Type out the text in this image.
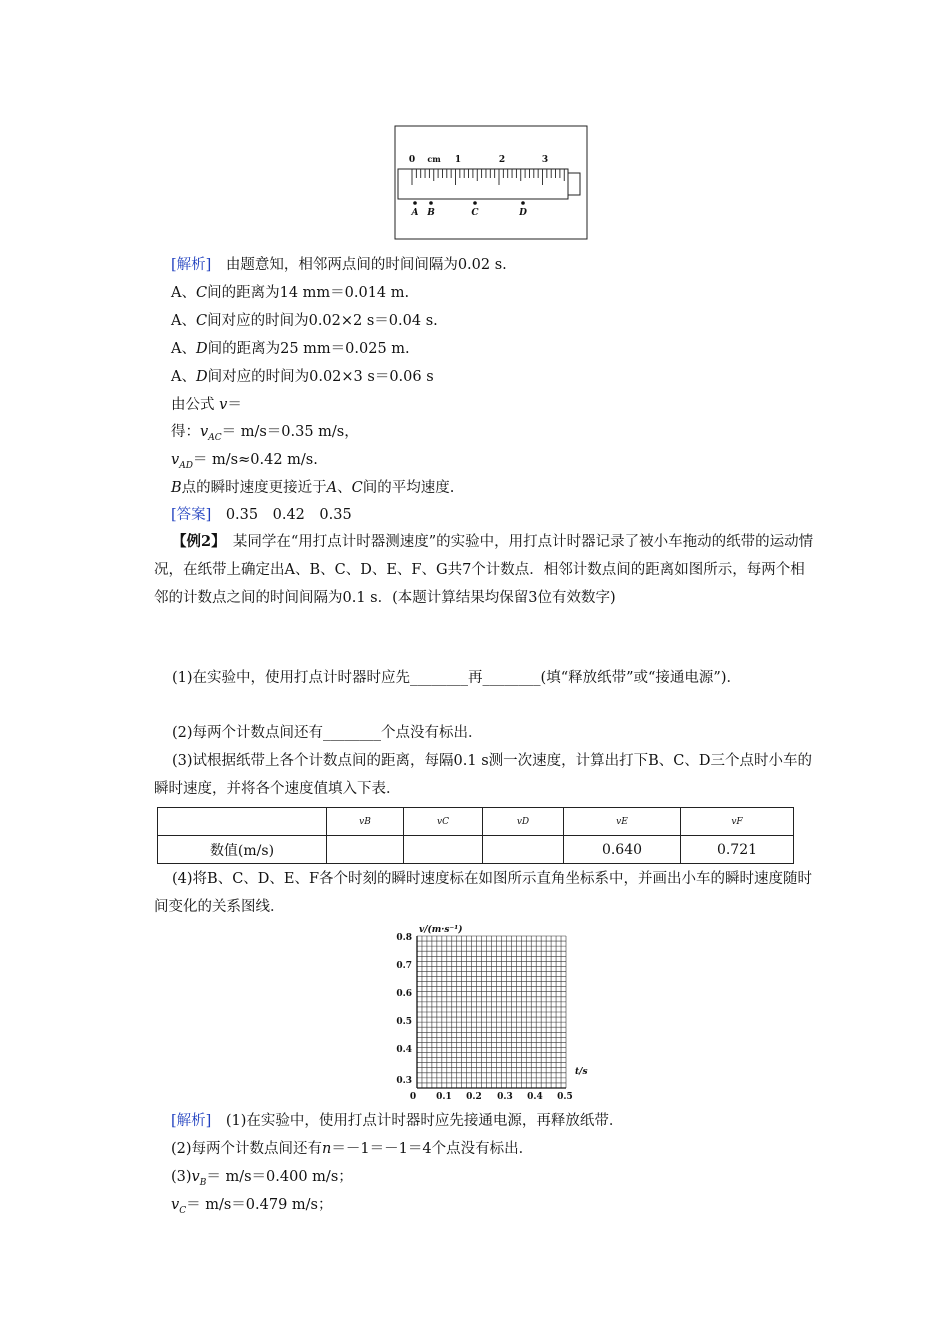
0 cm 1	2	3
A B	C	D
[解析]　 由题意知，相邻两点间的时间间隔为0.02 s.
A、C间的距离为14 mm＝0.014 m.
A、C间对应的时间为0.02×2 s＝0.04 s.
A、D间的距离为25 mm＝0.025 m.
A、D间对应的时间为0.02×3 s＝0.06 s
由公式 v＝
得：$v_{AC}= m/s=0.35$ m/s，
$v_{AD}= m/s\approx 0.42$ m/s.
B点的瞬时速度更接近于A、C间的平均速度.
[答案]　 0.35　0.42　0.35
【例2】　 某同学在“用打点计时器测速度”的实验中，用打点计时器记录了被小车拖动的纸带的运动情况，在纸带上确定出A、B、C、D、E、F、G共7个计数点．相邻计数点间的距离如图所示，每两个相邻的计数点之间的时间间隔为0.1 s．(本题计算结果均保留3位有效数字)
(1)在实验中，使用打点计时器时应先________再________(填“释放纸带”或“接通电源”)．
(2)每两个计数点间还有________个点没有标出．
(3)试根据纸带上各个计数点间的距离，每隔0.1 s测一次速度，计算出打下B、C、D三个点时小车的瞬时速度，并将各个速度值填入下表．
	vB	vC	vD	vE	vF
数值(m/s)				0.640	0.721
(4)将B、C、D、E、F各个时刻的瞬时速度标在如图所示直角坐标系中，并画出小车的瞬时速度随时间变化的关系图线．
v/(m·s⁻¹)
t/s
0.8
0.7
0.6
0.5
0.4
0.3
0 0.1 0.2 0.3 0.4 0.5
[解析]　 (1)在实验中，使用打点计时器时应先接通电源，再释放纸带．
(2)每两个计数点间还有n＝－1＝－1＝4个点没有标出．
$(3)v_B= m/s=0.400$ m/s；
$v_C= m/s=0.479$ m/s；
